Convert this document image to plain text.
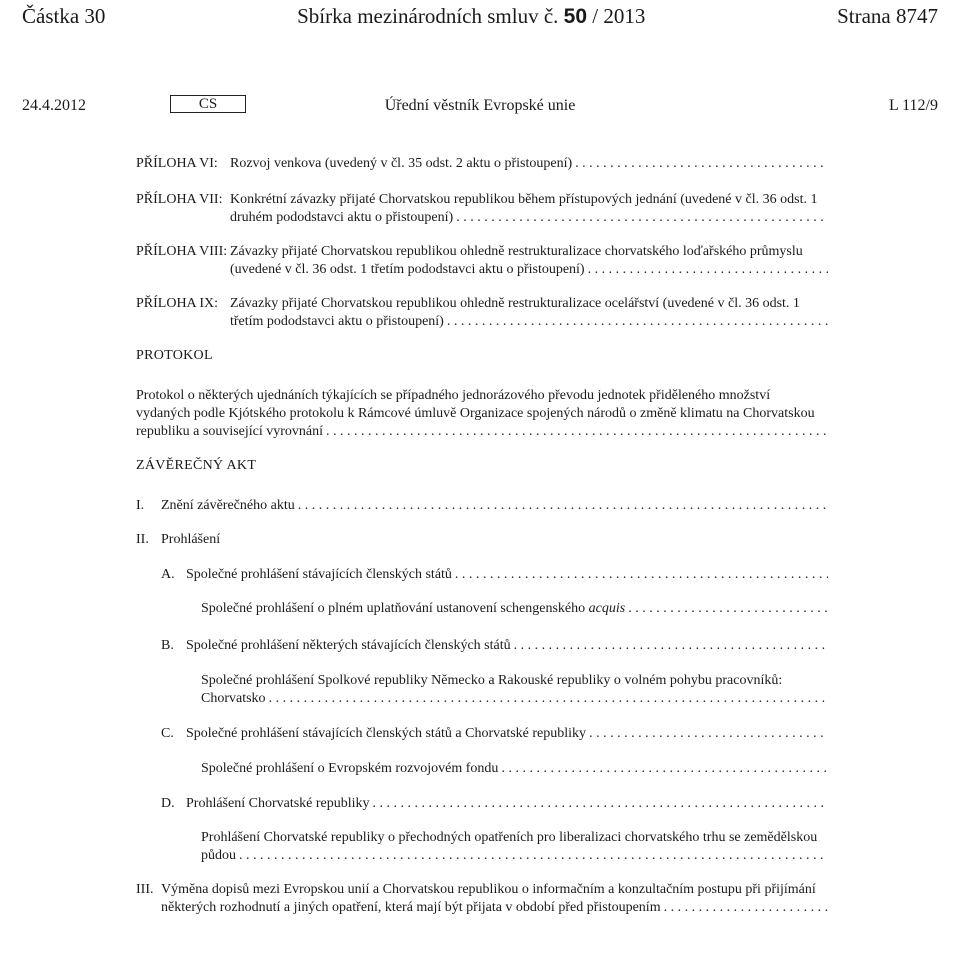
Částka 30	Sbírka mezinárodních smluv č. 50 / 2013	Strana 8747
24.4.2012	CS	Úřední věstník Evropské unie	L 112/9
PŘÍLOHA VI: Rozvoj venkova (uvedený v čl. 35 odst. 2 aktu o přistoupení)
. . .
PŘÍLOHA VII: Konkrétní závazky přijaté Chorvatskou republikou během přístupových jednání (uvedené v čl. 36 odst. 1
druhém pododstavci aktu o přistoupení)
. . .
PŘÍLOHA VIII: Závazky přijaté Chorvatskou republikou ohledně restrukturalizace chorvatského loďařského průmyslu
(uvedené v čl. 36 odst. 1 třetím pododstavci aktu o přistoupení)
. . .
PŘÍLOHA IX: Závazky přijaté Chorvatskou republikou ohledně restrukturalizace ocelářství (uvedené v čl. 36 odst. 1
třetím pododstavci aktu o přistoupení)
. . .
PROTOKOL
Protokol o některých ujednáních týkajících se případného jednorázového převodu jednotek přiděleného množství
vydaných podle Kjótského protokolu k Rámcové úmluvě Organizace spojených národů o změně klimatu na Chorvatskou
republiku a související vyrovnání
. . .
ZÁVĚREČNÝ AKT
I. Znění závěrečného aktu
. . .
II. Prohlášení
A. Společné prohlášení stávajících členských států
. . .
Společné prohlášení o plném uplatňování ustanovení schengenského acquis
. . .
B. Společné prohlášení některých stávajících členských států
. . .
Společné prohlášení Spolkové republiky Německo a Rakouské republiky o volném pohybu pracovníků:
Chorvatsko
. . .
C. Společné prohlášení stávajících členských států a Chorvatské republiky
. . .
Společné prohlášení o Evropském rozvojovém fondu
. . .
D. Prohlášení Chorvatské republiky
. . .
Prohlášení Chorvatské republiky o přechodných opatřeních pro liberalizaci chorvatského trhu se zemědělskou
půdou
. . .
III. Výměna dopisů mezi Evropskou unií a Chorvatskou republikou o informačním a konzultačním postupu při přijímání
některých rozhodnutí a jiných opatření, která mají být přijata v období před přistoupením
. . .
